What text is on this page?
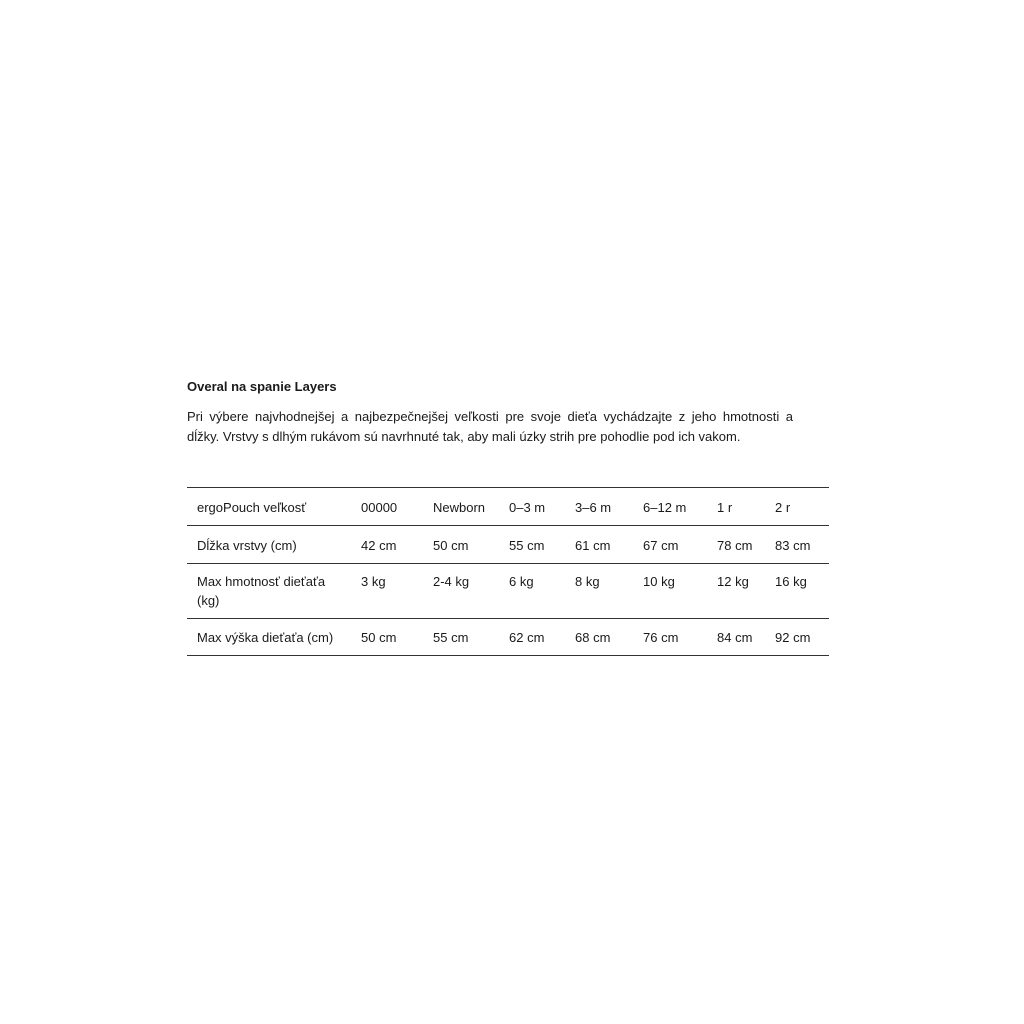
Overal na spanie Layers

Pri výbere najvhodnejšej a najbezpečnejšej veľkosti pre svoje dieťa vychádzajte z jeho hmotnosti a
dĺžky. Vrstvy s dlhým rukávom sú navrhnuté tak, aby mali úzky strih pre pohodlie pod ich vakom.

ergoPouch veľkosť	00000	Newborn	0–3 m	3–6 m	6–12 m	1 r	2 r
Dĺžka vrstvy (cm)	42 cm	50 cm	55 cm	61 cm	67 cm	78 cm	83 cm
Max hmotnosť dieťaťa (kg)	3 kg	2-4 kg	6 kg	8 kg	10 kg	12 kg	16 kg
Max výška dieťaťa (cm)	50 cm	55 cm	62 cm	68 cm	76 cm	84 cm	92 cm
